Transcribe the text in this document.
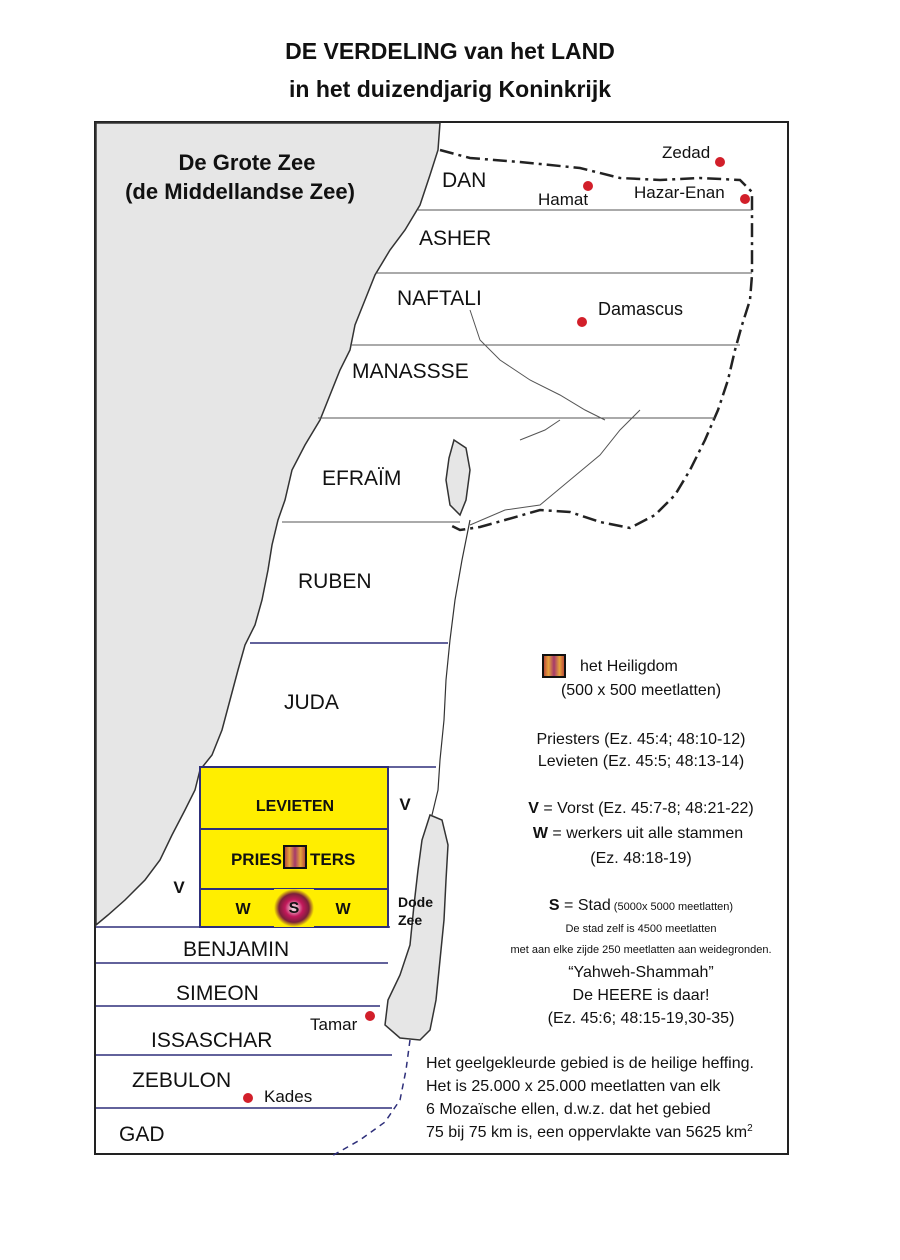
DE VERDELING van het LAND
in het duizendjarig Koninkrijk
De Grote Zee
(de Middellandse Zee)	DAN
ASHER
NAFTALI
MANASSSE
EFRAÏM
RUBEN
JUDA
BENJAMIN
SIMEON
ISSASCHAR
ZEBULON
GAD
LEVIETEN
PRIES TERS
W S W
V
V
Zedad
Hamat	Hazar-Enan
Damascus
Tamar
Kades
Dode
Zee
het Heiligdom
(500 x 500 meetlatten)
Priesters (Ez. 45:4; 48:10-12)
Levieten (Ez. 45:5; 48:13-14)
V = Vorst (Ez. 45:7-8; 48:21-22)
W = werkers uit alle stammen
(Ez. 48:18-19)
S = Stad (5000x 5000 meetlatten)
De stad zelf is 4500 meetlatten
met aan elke zijde 250 meetlatten aan weidegronden.
“Yahweh-Shammah”
De HEERE is daar!
(Ez. 45:6; 48:15-19,30-35)
Het geelgekleurde gebied is de heilige heffing.
Het is 25.000 x 25.000 meetlatten van elk
6 Mozaïsche ellen, d.w.z. dat het gebied
75 bij 75 km is, een oppervlakte van 5625 $km^2$
